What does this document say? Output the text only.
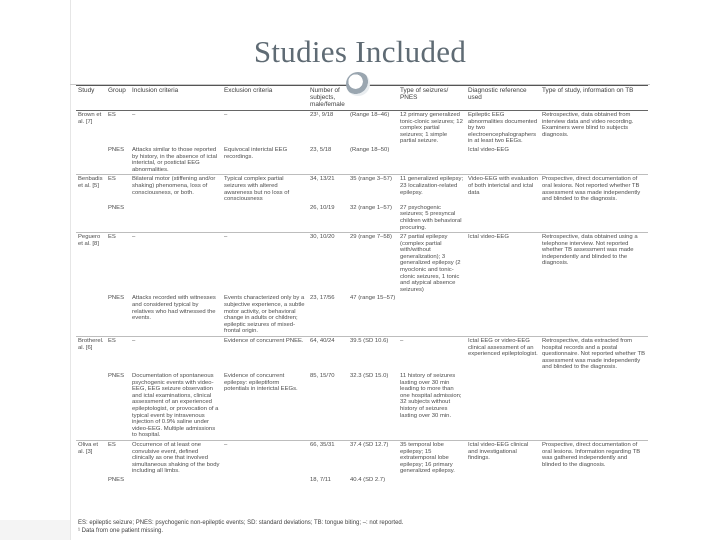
Studies Included
Study	Group	Inclusion criteria	Exclusion criteria	Number of subjects, male/female		Type of seizures/ PNES	Diagnostic reference used	Type of study, information on TB
Brown et al. [7]	ES	–	–	23¹, 9/18	(Range 18–46)	12 primary generalized tonic-clonic seizures; 12 complex partial seizures; 1 simple partial seizure.	Epileptic EEG abnormalities documented by two electroencephalographers in at least two EEGs.	Retrospective, data obtained from interview data and video recording. Examiners were blind to subjects diagnosis.
	PNES	Attacks similar to those reported by history, in the absence of ictal interictal, or postictal EEG abnormalities.	Equivocal interictal EEG recordings.	23, 5/18	(Range 18–50)		Ictal video-EEG	
Benbadis et al. [5]	ES	Bilateral motor (stiffening and/or shaking) phenomena, loss of consciousness, or both.	Typical complex partial seizures with altered awareness but no loss of consciousness	34, 13/21	35 (range 3–57)	11 generalized epilepsy; 23 localization-related epilepsy.	Video-EEG with evaluation of both interictal and ictal data	Prospective, direct documentation of oral lesions. Not reported whether TB assessment was made independently and blinded to the diagnosis.
	PNES			26, 10/19	32 (range 1–57)	27 psychogenic seizures; 5 presyncal children with behavioral procuring.		
Peguero et al. [8]	ES	–	–	30, 10/20	29 (range 7–58)	27 partial epilepsy (complex partial with/without generalization); 3 generalized epilepsy (2 myoclonic and tonic-clonic seizures, 1 tonic and atypical absence seizures)	Ictal video-EEG	Retrospective, data obtained using a telephone interview. Not reported whether TB assessment was made independently and blinded to the diagnosis.
	PNES	Attacks recorded with witnesses and considered typical by relatives who had witnessed the events.	Events characterized only by a subjective experience, a subtle motor activity, or behavioral change in adults or children; epileptic seizures of mixed-frontal origin.	23, 17/56	47 (range 15–57)			
Brotherel. al. [6]	ES	–	Evidence of concurrent PNEE.	64, 40/24	39.5 (SD 10.6)	–	Ictal EEG or video-EEG clinical assessment of an experienced epileptologist.	Retrospective, data extracted from hospital records and a postal questionnaire. Not reported whether TB assessment was made independently and blinded to the diagnosis.
	PNES	Documentation of spontaneous psychogenic events with video-EEG, EEG seizure observation and ictal examinations, clinical assessment of an experienced epileptologist, or provocation of a typical event by intravenous injection of 0.9% saline under video-EEG. Multiple admissions to hospital.	Evidence of concurrent epilepsy: epileptiform potentials in interictal EEGs.	85, 15/70	32.3 (SD 15.0)	11 history of seizures lasting over 30 min leading to more than one hospital admission; 32 subjects without history of seizures lasting over 30 min.		
Oliva et al. [3]	ES	Occurrence of at least one convulsive event, defined clinically as one that involved simultaneous shaking of the body including all limbs.	–	66, 35/31	37.4 (SD 12.7)	35 temporal lobe epilepsy; 15 extratemporal lobe epilepsy; 16 primary generalized epilepsy.	Ictal video-EEG clinical and investigational findings.	Prospective, direct documentation of oral lesions. Information regarding TB was gathered independently and blinded to the diagnosis.
	PNES			18, 7/11	40.4 (SD 2.7)			
ES: epileptic seizure; PNES: psychogenic non-epileptic events; SD: standard deviations; TB: tongue biting; –: not reported.
¹ Data from one patient missing.
